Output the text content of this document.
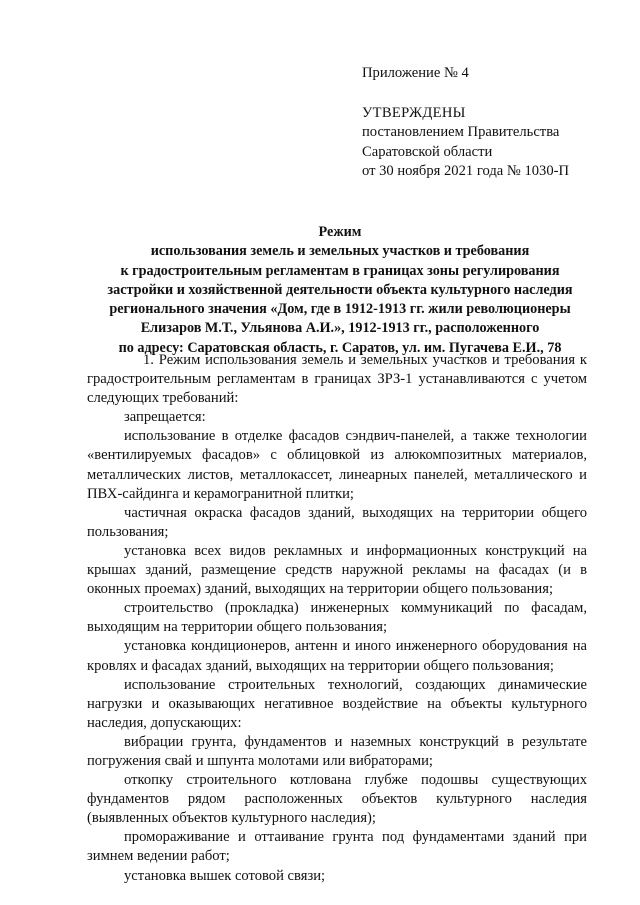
Приложение № 4

УТВЕРЖДЕНЫ

постановлением Правительства

Саратовской области

от 30 ноября 2021 года № 1030-П

Режим

использования земель и земельных участков и требования

к градостроительным регламентам в границах зоны регулирования

застройки и хозяйственной деятельности объекта культурного наследия

регионального значения «Дом, где в 1912-1913 гг. жили революционеры

Елизаров М.Т., Ульянова А.И.», 1912-1913 гг., расположенного

по адресу: Саратовская область, г. Саратов, ул. им. Пугачева Е.И., 78

1. Режим использования земель и земельных участков и требования к градостроительным регламентам в границах ЗРЗ-1 устанавливаются с учетом следующих требований:

запрещается:

использование в отделке фасадов сэндвич-панелей, а также технологии «вентилируемых фасадов» с облицовкой из алюкомпозитных материалов, металлических листов, металлокассет, линеарных панелей, металлического и ПВХ-сайдинга и керамогранитной плитки;

частичная окраска фасадов зданий, выходящих на территории общего пользования;

установка всех видов рекламных и информационных конструкций на крышах зданий, размещение средств наружной рекламы на фасадах (и в оконных проемах) зданий, выходящих на территории общего пользования;

строительство (прокладка) инженерных коммуникаций по фасадам, выходящим на территории общего пользования;

установка кондиционеров, антенн и иного инженерного оборудования на кровлях и фасадах зданий, выходящих на территории общего пользования;

использование строительных технологий, создающих динамические нагрузки и оказывающих негативное воздействие на объекты культурного наследия, допускающих:

вибрации грунта, фундаментов и наземных конструкций в результате погружения свай и шпунта молотами или вибраторами;

откопку строительного котлована глубже подошвы существующих фундаментов рядом расположенных объектов культурного наследия (выявленных объектов культурного наследия);

промораживание и оттаивание грунта под фундаментами зданий при зимнем ведении работ;

установка вышек сотовой связи;
